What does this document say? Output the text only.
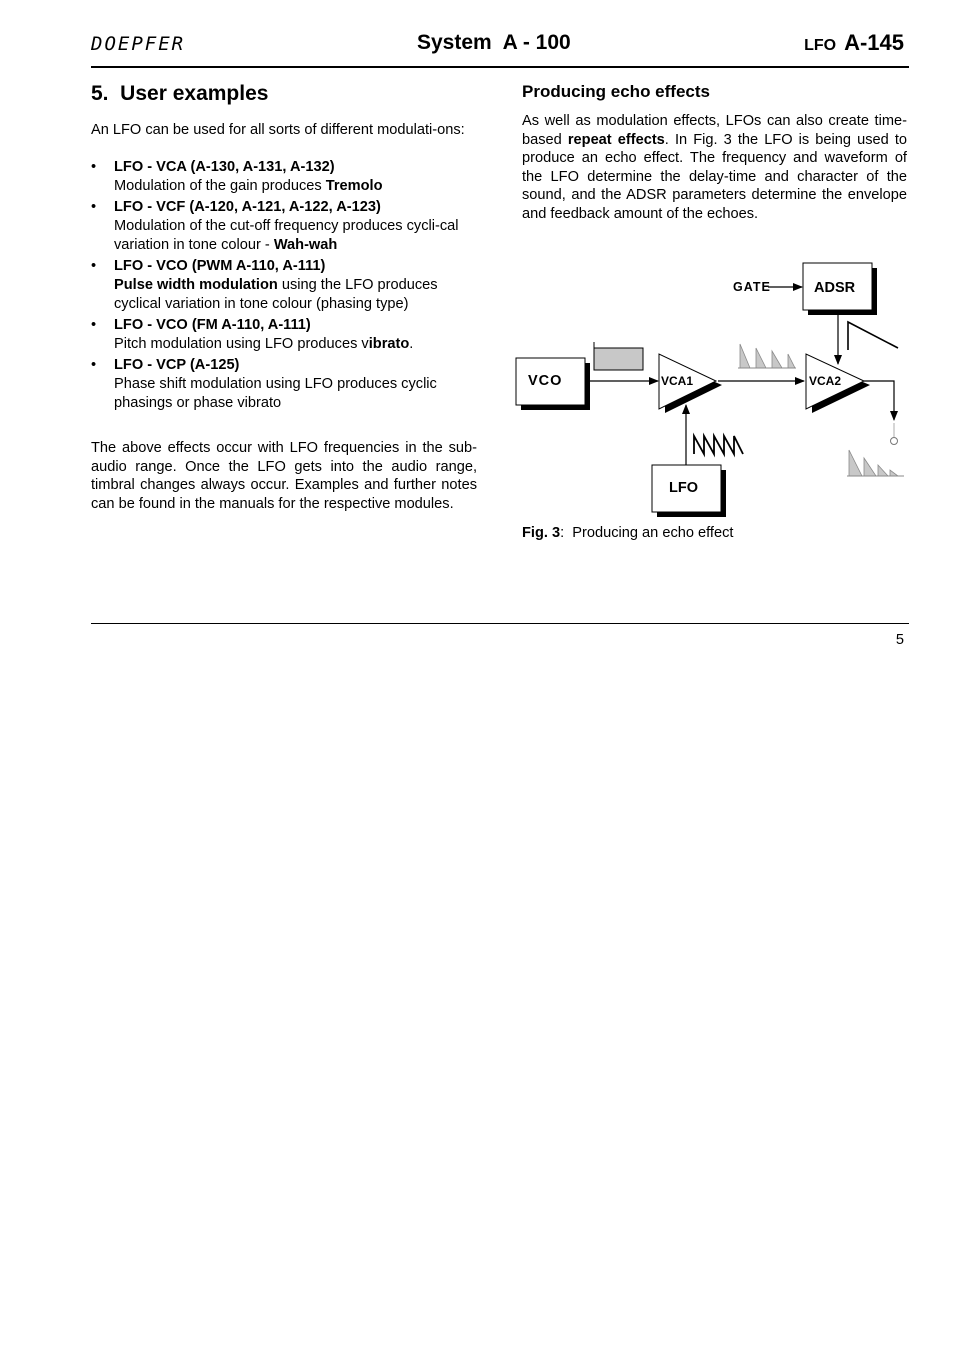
DOEPFER	System  A - 100	LFO A-145
5.  User examples

An LFO can be used for all sorts of different modulati-ons:

• LFO - VCA (A-130, A-131, A-132)
Modulation of the gain produces Tremolo
• LFO - VCF (A-120, A-121, A-122, A-123)
Modulation of the cut-off frequency produces cycli-cal variation in tone colour - Wah-wah
• LFO - VCO (PWM A-110, A-111)
Pulse width modulation using the LFO produces cyclical variation in tone colour (phasing type)
• LFO - VCO (FM A-110, A-111)
Pitch modulation using LFO produces vibrato.
• LFO - VCP (A-125)
Phase shift modulation using LFO produces cyclic phasings or phase vibrato

The above effects occur with LFO frequencies in the sub-audio range. Once the LFO gets into the audio range, timbral changes always occur. Examples and further notes can be found in the manuals for the respective modules.

Producing echo effects

As well as modulation effects, LFOs can also create time-based repeat effects. In Fig. 3 the LFO is being used to produce an echo effect. The frequency and waveform of the LFO determine the delay-time and character of the sound, and the ADSR parameters determine the envelope and feedback amount of the echoes.

GATE	ADSR
VCO	VCA1	VCA2
LFO
Fig. 3:  Producing an echo effect
5
